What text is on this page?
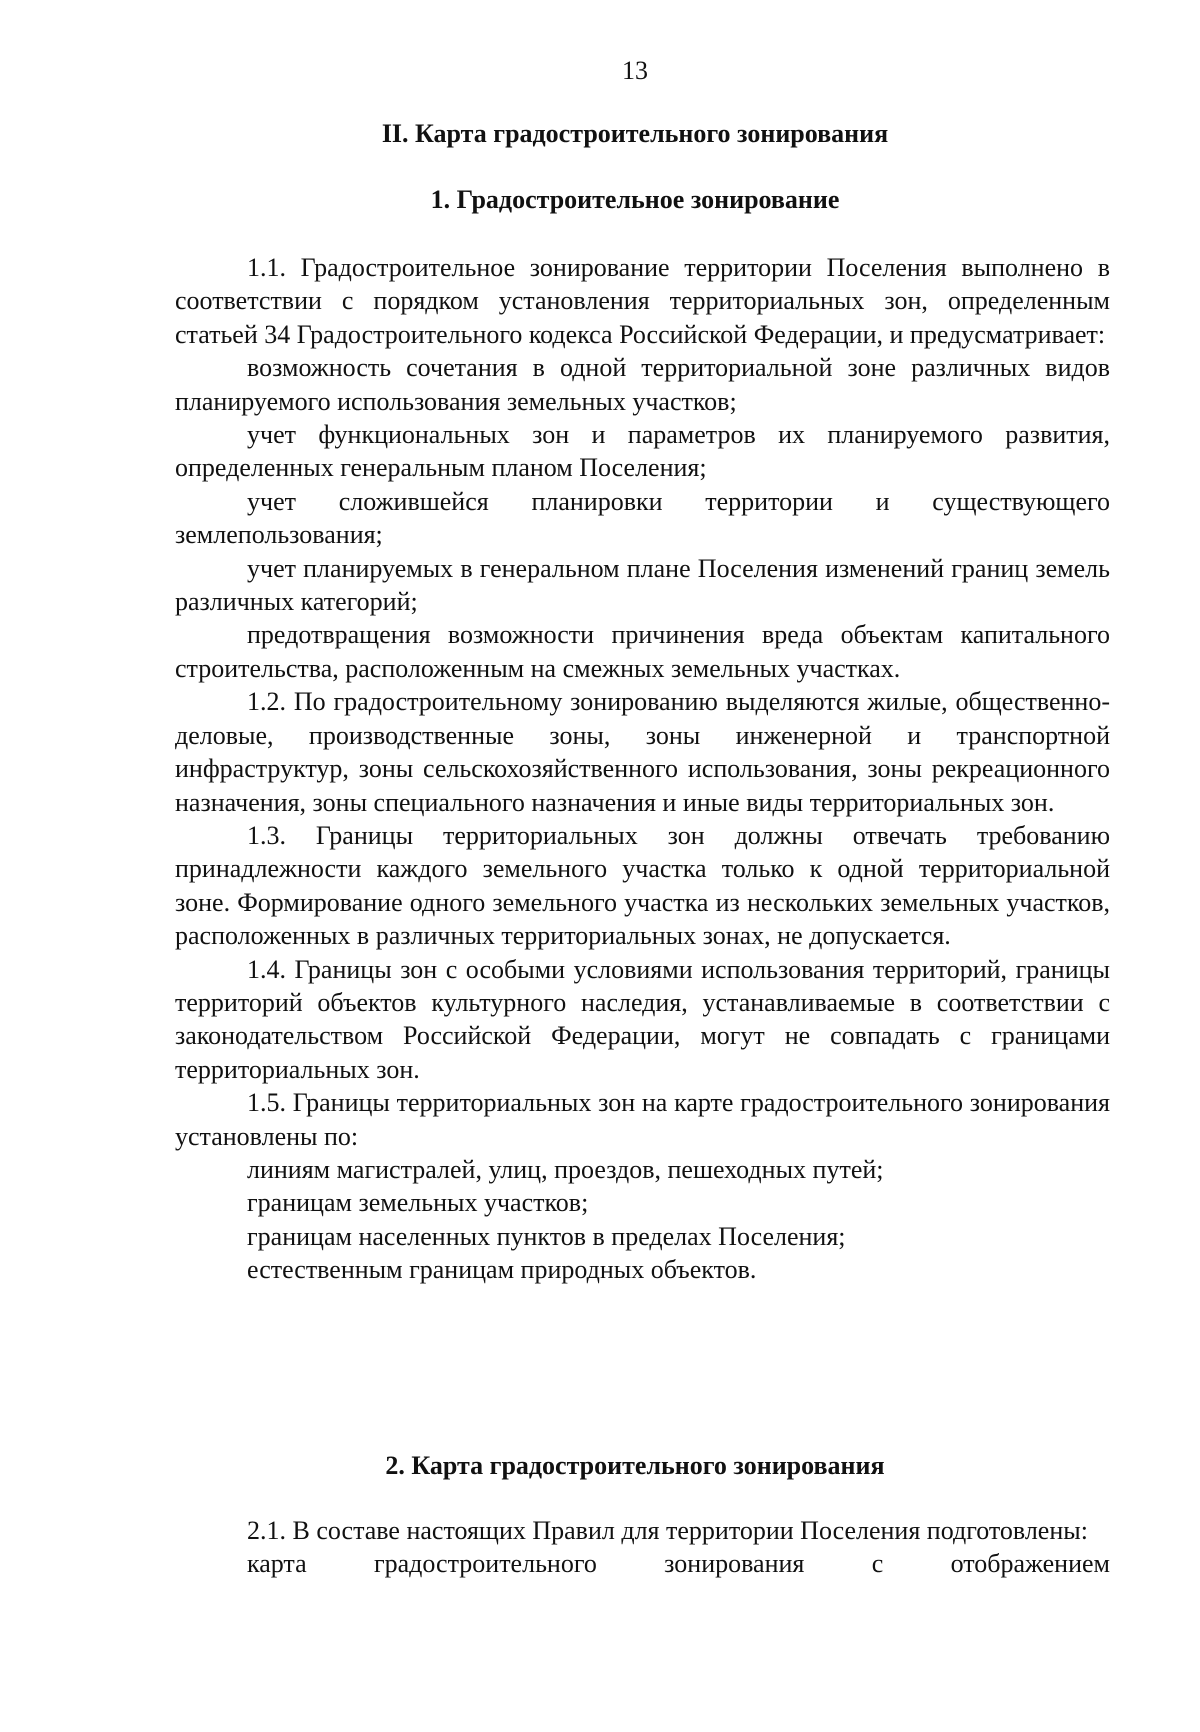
13
II. Карта градостроительного зонирования
1. Градостроительное зонирование

1.1. Градостроительное зонирование территории Поселения выполнено в соответствии с порядком установления территориальных зон, определенным статьей 34 Градостроительного кодекса Российской Федерации, и предусматривает:

возможность сочетания в одной территориальной зоне различных видов планируемого использования земельных участков;

учет функциональных зон и параметров их планируемого развития, определенных генеральным планом Поселения;

учет сложившейся планировки территории и существующего землепользования;

учет планируемых в генеральном плане Поселения изменений границ земель различных категорий;

предотвращения возможности причинения вреда объектам капитального строительства, расположенным на смежных земельных участках.

1.2. По градостроительному зонированию выделяются жилые, общественно-деловые, производственные зоны, зоны инженерной и транспортной инфраструктур, зоны сельскохозяйственного использования, зоны рекреационного назначения, зоны специального назначения и иные виды территориальных зон.

1.3. Границы территориальных зон должны отвечать требованию принадлежности каждого земельного участка только к одной территориальной зоне. Формирование одного земельного участка из нескольких земельных участков, расположенных в различных территориальных зонах, не допускается.

1.4. Границы зон с особыми условиями использования территорий, границы территорий объектов культурного наследия, устанавливаемые в соответствии с законодательством Российской Федерации, могут не совпадать с границами территориальных зон.

1.5. Границы территориальных зон на карте градостроительного зонирования установлены по:

линиям магистралей, улиц, проездов, пешеходных путей;

границам земельных участков;

границам населенных пунктов в пределах Поселения;

естественным границам природных объектов.

2. Карта градостроительного зонирования

2.1. В составе настоящих Правил для территории Поселения подготовлены:

карта градостроительного зонирования с отображением
